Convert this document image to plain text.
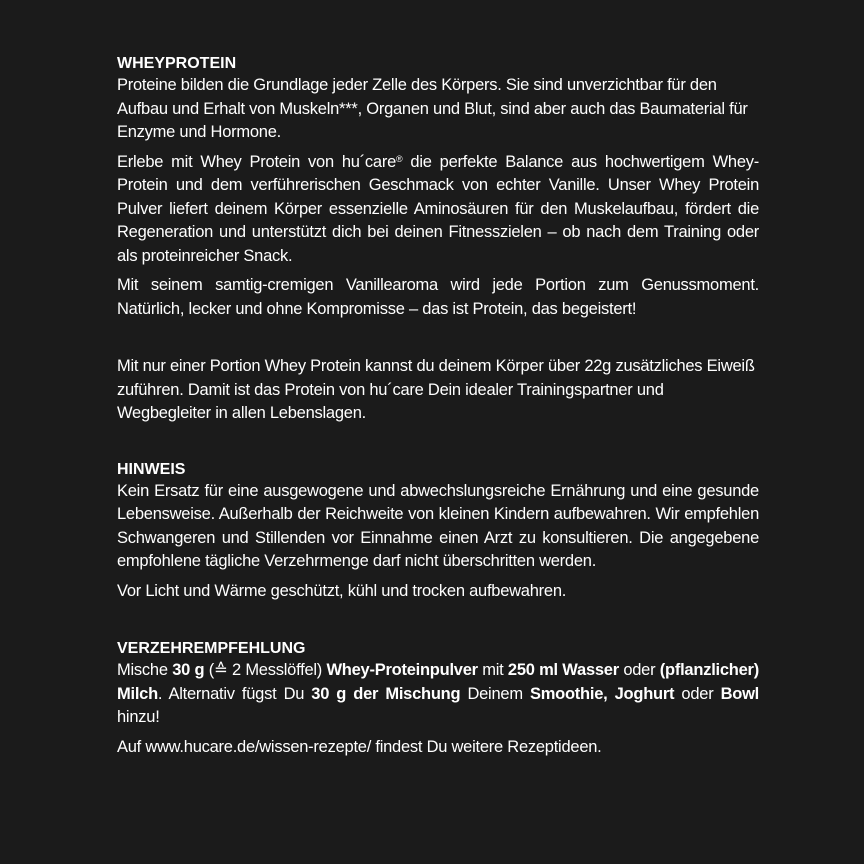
WHEYPROTEIN

Proteine bilden die Grundlage jeder Zelle des Körpers. Sie sind unverzichtbar für den Aufbau und Erhalt von Muskeln***, Organen und Blut, sind aber auch das Baumaterial für Enzyme und Hormone.

Erlebe mit Whey Protein von hu´care® die perfekte Balance aus hochwertigem Whey-Protein und dem verführerischen Geschmack von echter Vanille. Unser Whey Protein Pulver liefert deinem Körper essenzielle Aminosäuren für den Muskelaufbau, fördert die Regeneration und unterstützt dich bei deinen Fitnesszielen – ob nach dem Training oder als proteinreicher Snack.

Mit seinem samtig-cremigen Vanillearoma wird jede Portion zum Genussmoment. Natürlich, lecker und ohne Kompromisse – das ist Protein, das begeistert!

Mit nur einer Portion Whey Protein kannst du deinem Körper über 22g zusätzliches Eiweiß zuführen. Damit ist das Protein von hu´care Dein idealer Trainingspartner und Wegbegleiter in allen Lebenslagen.

HINWEIS

Kein Ersatz für eine ausgewogene und abwechslungsreiche Ernährung und eine gesunde Lebensweise. Außerhalb der Reichweite von kleinen Kindern aufbewahren. Wir empfehlen Schwangeren und Stillenden vor Einnahme einen Arzt zu konsultieren. Die angegebene empfohlene tägliche Verzehrmenge darf nicht überschritten werden.

Vor Licht und Wärme geschützt, kühl und trocken aufbewahren.

VERZEHREMPFEHLUNG

Mische 30 g (≙ 2 Messlöffel) Whey-Proteinpulver mit 250 ml Wasser oder (pflanzlicher) Milch. Alternativ fügst Du 30 g der Mischung Deinem Smoothie, Joghurt oder Bowl hinzu!

Auf www.hucare.de/wissen-rezepte/ findest Du weitere Rezeptideen.
